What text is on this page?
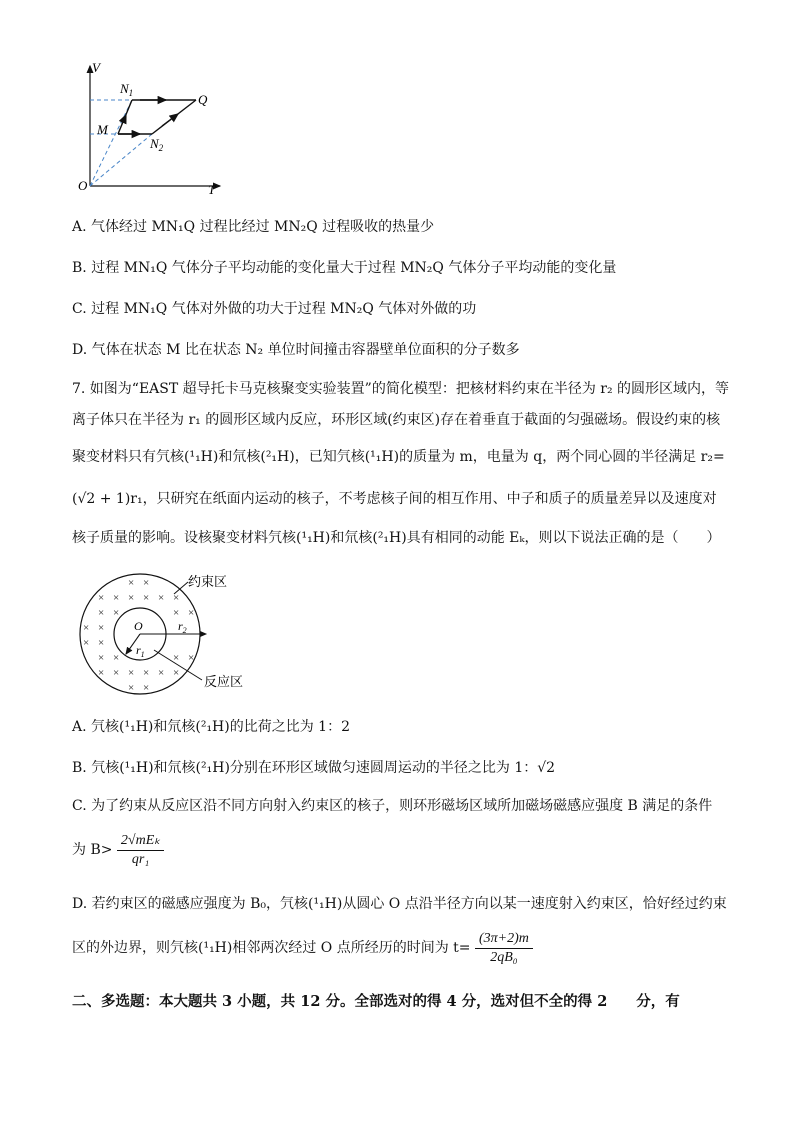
V
T
O
$N_1$	Q
M
$N_2$
A. 气体经过 MN₁Q 过程比经过 MN₂Q 过程吸收的热量少
B. 过程 MN₁Q 气体分子平均动能的变化量大于过程 MN₂Q 气体分子平均动能的变化量
C. 过程 MN₁Q 气体对外做的功大于过程 MN₂Q 气体对外做的功
D. 气体在状态 M 比在状态 N₂ 单位时间撞击容器壁单位面积的分子数多
7. 如图为“EAST 超导托卡马克核聚变实验装置”的简化模型：把核材料约束在半径为 r₂ 的圆形区域内，等
离子体只在半径为 r₁ 的圆形区域内反应，环形区域(约束区)存在着垂直于截面的匀强磁场。假设约束的核
聚变材料只有氕核(¹₁H)和氘核(²₁H)，已知氕核(¹₁H)的质量为 m，电量为 q，两个同心圆的半径满足 r₂=
(√2 + 1)r₁，只研究在纸面内运动的核子，不考虑核子间的相互作用、中子和质子的质量差异以及速度对
核子质量的影响。设核聚变材料氕核(¹₁H)和氘核(²₁H)具有相同的动能 Eₖ，则以下说法正确的是（　　）
× ×
× × × × × ×
× ×	× ×
× ×
× ×
× ×	× ×
× × × × × ×
× ×
O	$r_2$
$r_1$
约束区
反应区
A. 氕核(¹₁H)和氘核(²₁H)的比荷之比为 1：2
B. 氕核(¹₁H)和氘核(²₁H)分别在环形区域做匀速圆周运动的半径之比为 1：√2
C. 为了约束从反应区沿不同方向射入约束区的核子，则环形磁场区域所加磁场磁感应强度 B 满足的条件
为 $B> \frac{\text{2√mEₖ}}{\text{qr₁}}$
D. 若约束区的磁感应强度为 B₀，氕核(¹₁H)从圆心 O 点沿半径方向以某一速度射入约束区，恰好经过约束
区的外边界，则氕核(¹₁H)相邻两次经过 O 点所经历的时间为 $t= \frac{(3\pi+2)m}{\text{2qB₀}}$
二、多选题：本大题共 3 小题，共 12 分。全部选对的得 4 分，选对但不全的得 2　　分，有
